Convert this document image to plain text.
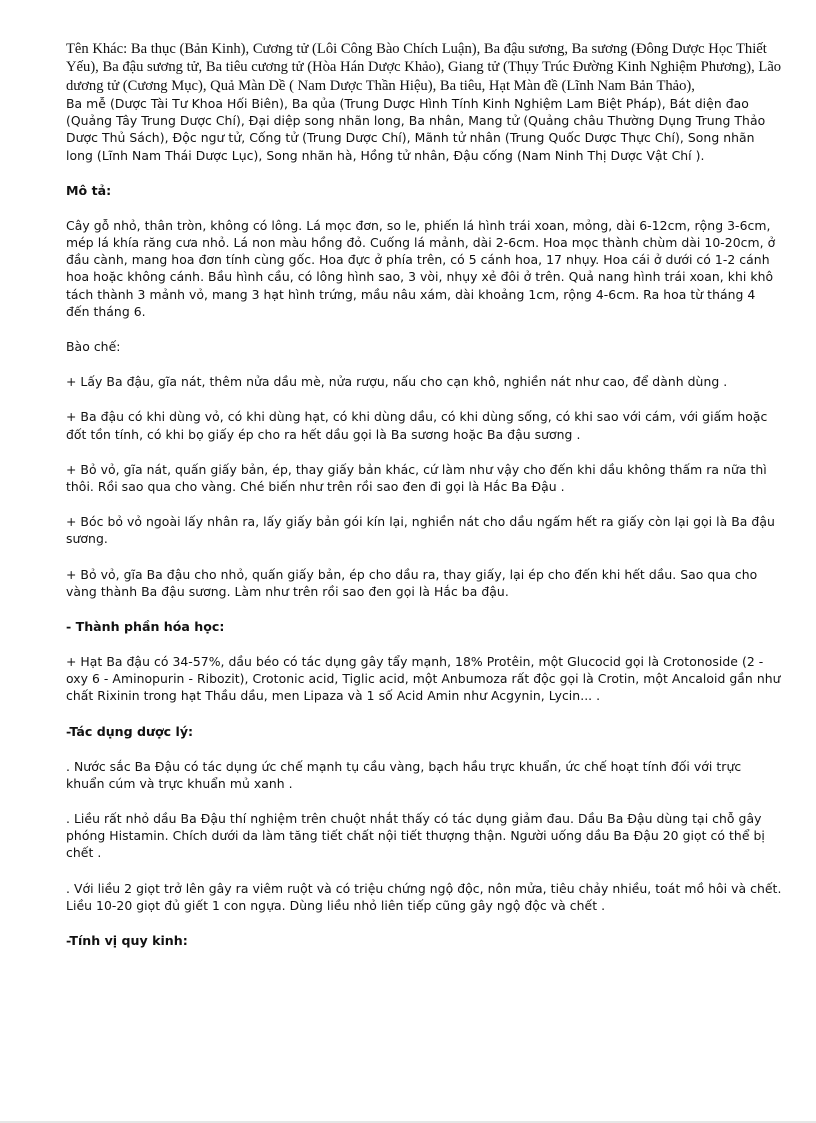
Tên Khác: Ba thục (Bản Kinh), Cương tử (Lôi Công Bào Chích Luận), Ba đậu sương, Ba sương (Đông Dược Học Thiết Yếu), Ba đậu sương tử, Ba tiêu cương tử (Hòa Hán Dược Khảo), Giang tử (Thụy Trúc Đường Kinh Nghiệm Phương), Lão dương tử (Cương Mục), Quả Màn Dề ( Nam Dược Thần Hiệu), Ba tiêu, Hạt Màn đề (Lĩnh Nam Bản Thảo),

Ba mễ (Dược Tài Tư Khoa Hối Biên), Ba qủa (Trung Dược Hình Tính Kinh Nghiệm Lam Biệt Pháp), Bát diện đao (Quảng Tây Trung Dược Chí), Đại diệp song nhãn long, Ba nhân, Mang tử (Quảng châu Thường Dụng Trung Thảo Dược Thủ Sách), Độc ngư tử, Cống tử (Trung Dược Chí), Mãnh tử nhân (Trung Quốc Dược Thực Chí), Song nhãn long (Lĩnh Nam Thái Dược Lục), Song nhãn hà, Hồng tử nhân, Đậu cống (Nam Ninh Thị Dược Vật Chí ).

Mô tả:

Cây gỗ nhỏ, thân tròn, không có lông. Lá mọc đơn, so le, phiến lá hình trái xoan, mỏng, dài 6-12cm, rộng 3-6cm, mép lá khía răng cưa nhỏ. Lá non màu hồng đỏ. Cuống lá mảnh, dài 2-6cm. Hoa mọc thành chùm dài 10-20cm, ở đầu cành, mang hoa đơn tính cùng gốc. Hoa đực ở phía trên, có 5 cánh hoa, 17 nhụy. Hoa cái ở dưới có 1-2 cánh hoa hoặc không cánh. Bầu hình cầu, có lông hình sao, 3 vòi, nhụy xẻ đôi ở trên. Quả nang hình trái xoan, khi khô tách thành 3 mảnh vỏ, mang 3 hạt hình trứng, mầu nâu xám, dài khoảng 1cm, rộng 4-6cm. Ra hoa từ tháng 4 đến tháng 6.

Bào chế:

+ Lấy Ba đậu, gĩa nát, thêm nửa dầu mè, nửa rượu, nấu cho cạn khô, nghiền nát như cao, để dành dùng .

+ Ba đậu có khi dùng vỏ, có khi dùng hạt, có khi dùng dầu, có khi dùng sống, có khi sao với cám, với giấm hoặc đốt tồn tính, có khi bọ giấy ép cho ra hết dầu gọi là Ba sương hoặc Ba đậu sương .

+ Bỏ vỏ, gĩa nát, quấn giấy bản, ép, thay giấy bản khác, cứ làm như vậy cho đến khi dầu không thấm ra nữa thì thôi. Rồi sao qua cho vàng. Ché biến như trên rồi sao đen đi gọi là Hắc Ba Đậu .

+ Bóc bỏ vỏ ngoài lấy nhân ra, lấy giấy bản gói kín lại, nghiền nát cho dầu ngấm hết ra giấy còn lại gọi là Ba đậu sương.

+ Bỏ vỏ, gĩa Ba đậu cho nhỏ, quấn giấy bản, ép cho dầu ra, thay giấy, lại ép cho đến khi hết dầu. Sao qua cho vàng thành Ba đậu sương. Làm như trên rồi sao đen gọi là Hắc ba đậu.

- Thành phần hóa học:

+ Hạt Ba đậu có 34-57%, dầu béo có tác dụng gây tẩy mạnh, 18% Protêin, một Glucocid gọi là Crotonoside (2 - oxy 6 - Aminopurin - Ribozit), Crotonic acid, Tiglic acid, một Anbumoza rất độc gọi là Crotin, một Ancaloid gần như chất Rixinin trong hạt Thầu dầu, men Lipaza và 1 số Acid Amin như Acgynin, Lycin... .

-Tác dụng dược lý:

. Nước sắc Ba Đậu có tác dụng ức chế mạnh tụ cầu vàng, bạch hầu trực khuẩn, ức chế hoạt tính đối với trực khuẩn cúm và trực khuẩn mủ xanh .

. Liều rất nhỏ dầu Ba Đậu thí nghiệm trên chuột nhắt thấy có tác dụng giảm đau. Dầu Ba Đậu dùng tại chỗ gây phóng Histamin. Chích dưới da làm tăng tiết chất nội tiết thượng thận. Người uống dầu Ba Đậu 20 giọt có thể bị chết .

. Với liều 2 giọt trở lên gây ra viêm ruột và có triệu chứng ngộ độc, nôn mửa, tiêu chảy nhiều, toát mồ hôi và chết. Liều 10-20 giọt đủ giết 1 con ngựa. Dùng liều nhỏ liên tiếp cũng gây ngộ độc và chết .

-Tính vị quy kinh:
